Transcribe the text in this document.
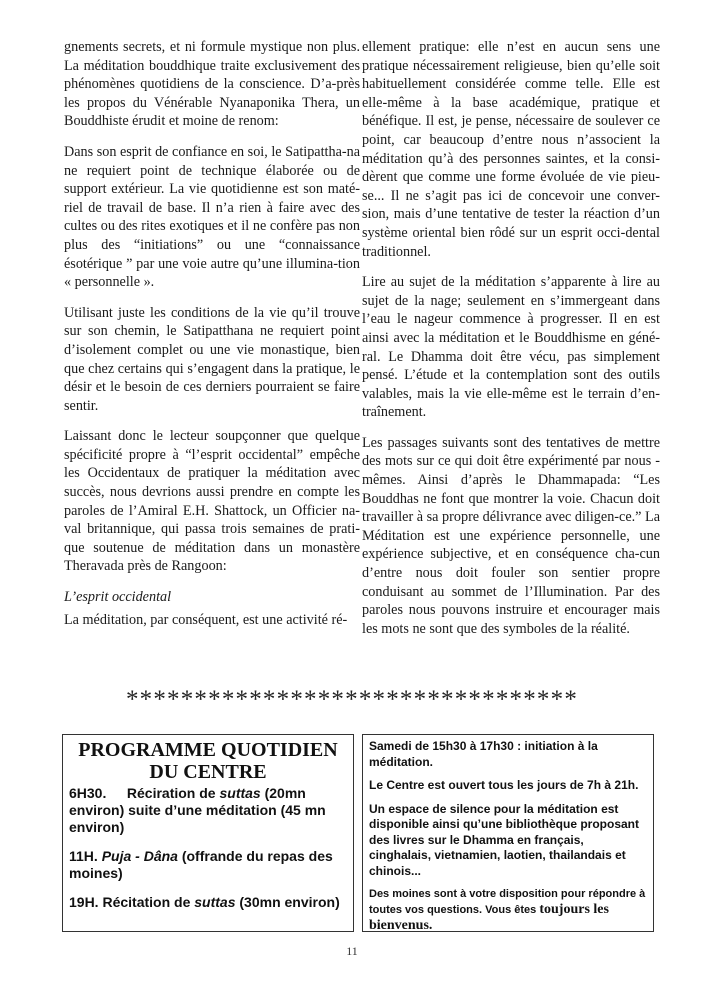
gnements secrets, et ni formule mystique non plus. La méditation bouddhique traite exclusivement des phénomènes quotidiens de la conscience. D’a-près les propos du Vénérable Nyanaponika Thera, un Bouddhiste érudit et moine de renom:

Dans son esprit de confiance en soi, le Satipattha-na ne requiert point de technique élaborée ou de support extérieur. La vie quotidienne est son maté-riel de travail de base. Il n’a rien à faire avec des cultes ou des rites exotiques et il ne confère pas non plus des “initiations” ou une “connaissance ésotérique ” par une voie autre qu’une illumina-tion « personnelle ».

Utilisant juste les conditions de la vie qu’il trouve sur son chemin, le Satipatthana ne requiert point d’isolement complet ou une vie monastique, bien que chez certains qui s’engagent dans la pratique, le désir et le besoin de ces derniers pourraient se faire sentir.

Laissant donc le lecteur soupçonner que quelque spécificité propre à “l’esprit occidental” empêche les Occidentaux de pratiquer la méditation avec succès, nous devrions aussi prendre en compte les paroles de l’Amiral E.H. Shattock, un Officier na-val britannique, qui passa trois semaines de prati-que soutenue de méditation dans un monastère Theravada près de Rangoon:

L’esprit occidental

La méditation, par conséquent, est une activité ré-

ellement pratique: elle n’est en aucun sens une pratique nécessairement religieuse, bien qu’elle soit habituellement considérée comme telle. Elle est elle-même à la base académique, pratique et bénéfique. Il est, je pense, nécessaire de soulever ce point, car beaucoup d’entre nous n’associent la méditation qu’à des personnes saintes, et la consi-dèrent que comme une forme évoluée de vie pieu-se... Il ne s’agit pas ici de concevoir une conver-sion, mais d’une tentative de tester la réaction d’un système oriental bien rôdé sur un esprit occi-dental traditionnel.

Lire au sujet de la méditation s’apparente à lire au sujet de la nage; seulement en s’immergeant dans l’eau le nageur commence à progresser. Il en est ainsi avec la méditation et le Bouddhisme en géné-ral. Le Dhamma doit être vécu, pas simplement pensé. L’étude et la contemplation sont des outils valables, mais la vie elle-même est le terrain d’en-traînement.

Les passages suivants sont des tentatives de mettre des mots sur ce qui doit être expérimenté par nous -mêmes. Ainsi d’après le Dhammapada: “Les Bouddhas ne font que montrer la voie. Chacun doit travailler à sa propre délivrance avec diligen-ce.” La Méditation est une expérience personnelle, une expérience subjective, et en conséquence cha-cun d’entre nous doit fouler son sentier propre conduisant au sommet de l’Illumination. Par des paroles nous pouvons instruire et encourager mais les mots ne sont que des symboles de la réalité.

*********************************
PROGRAMME QUOTIDIEN DU CENTRE
6H30. Réciration de suttas (20mn environ) suite d’une méditation (45 mn environ)
11H. Puja - Dâna (offrande du repas des moines)
19H. Récitation de suttas (30mn environ)
Samedi de 15h30 à 17h30 : initiation à la méditation.
Le Centre est ouvert tous les jours de 7h à 21h.
Un espace de silence pour la méditation est disponible ainsi qu’une bibliothèque proposant des livres sur le Dhamma en français, cinghalais, vietnamien, laotien, thailandais et chinois...
Des moines sont à votre disposition pour répondre à toutes vos questions. Vous êtes toujours les bienvenus.
11
